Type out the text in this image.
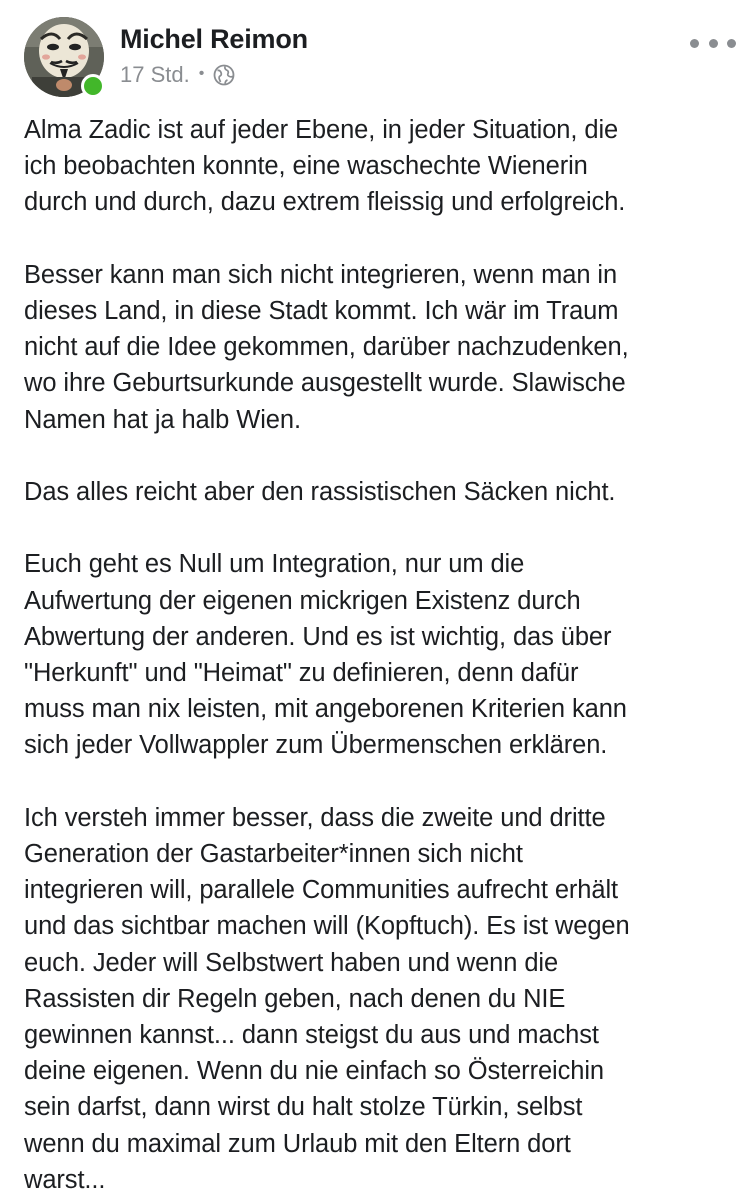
Michel Reimon
17 Std. •

Alma Zadic ist auf jeder Ebene, in jeder Situation, die
ich beobachten konnte, eine waschechte Wienerin
durch und durch, dazu extrem fleissig und erfolgreich.

Besser kann man sich nicht integrieren, wenn man in
dieses Land, in diese Stadt kommt. Ich wär im Traum
nicht auf die Idee gekommen, darüber nachzudenken,
wo ihre Geburtsurkunde ausgestellt wurde. Slawische
Namen hat ja halb Wien.

Das alles reicht aber den rassistischen Säcken nicht.

Euch geht es Null um Integration, nur um die
Aufwertung der eigenen mickrigen Existenz durch
Abwertung der anderen. Und es ist wichtig, das über
"Herkunft" und "Heimat" zu definieren, denn dafür
muss man nix leisten, mit angeborenen Kriterien kann
sich jeder Vollwappler zum Übermenschen erklären.

Ich versteh immer besser, dass die zweite und dritte
Generation der Gastarbeiter*innen sich nicht
integrieren will, parallele Communities aufrecht erhält
und das sichtbar machen will (Kopftuch). Es ist wegen
euch. Jeder will Selbstwert haben und wenn die
Rassisten dir Regeln geben, nach denen du NIE
gewinnen kannst... dann steigst du aus und machst
deine eigenen. Wenn du nie einfach so Österreichin
sein darfst, dann wirst du halt stolze Türkin, selbst
wenn du maximal zum Urlaub mit den Eltern dort
warst...
